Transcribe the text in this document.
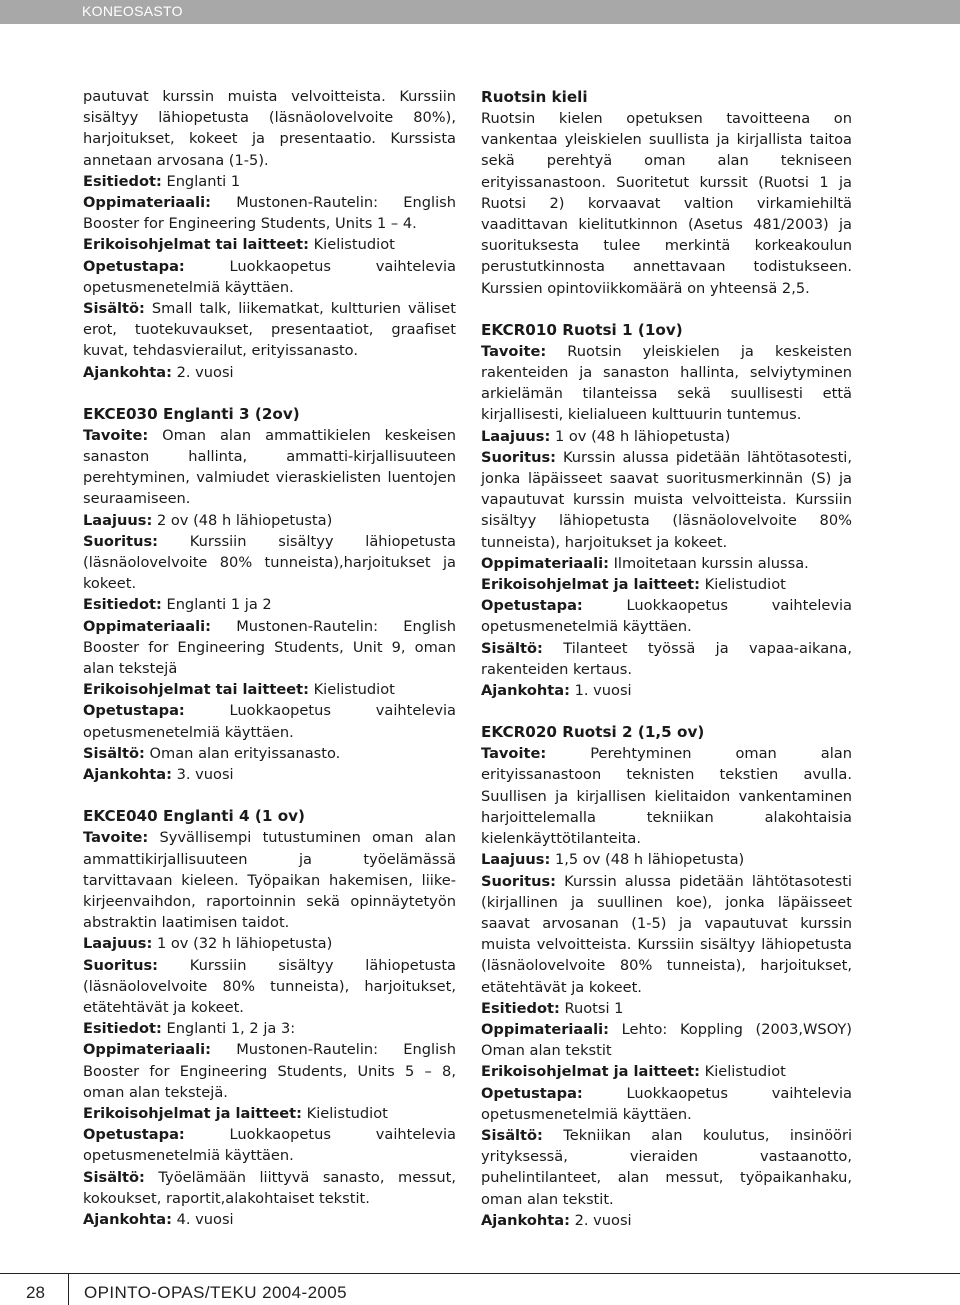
KONEOSASTO

pautuvat kurssin muista velvoitteista. Kurssiin sisältyy lähiopetusta (läsnäolovelvoite 80%), harjoitukset, kokeet ja presentaatio. Kurssista annetaan arvosana (1-5).

Esitiedot: Englanti 1

Oppimateriaali: Mustonen-Rautelin: English Booster for Engineering Students, Units 1 – 4.

Erikoisohjelmat tai laitteet: Kielistudiot

Opetustapa: Luokkaopetus vaihtelevia opetusmenetelmiä käyttäen.

Sisältö: Small talk, liikematkat, kultturien väliset erot, tuotekuvaukset, presentaatiot, graafiset kuvat, tehdasvierailut, erityissanasto.

Ajankohta: 2. vuosi

EKCE030 Englanti 3 (2ov)

Tavoite: Oman alan ammattikielen keskeisen sanaston hallinta, ammatti-kirjallisuuteen perehtyminen, valmiudet vieraskielisten luentojen seuraamiseen.

Laajuus: 2 ov (48 h lähiopetusta)

Suoritus: Kurssiin sisältyy lähiopetusta (läsnäolovelvoite 80% tunneista),harjoitukset ja kokeet.

Esitiedot: Englanti 1 ja 2

Oppimateriaali: Mustonen-Rautelin: English Booster for Engineering Students, Unit 9, oman alan tekstejä

Erikoisohjelmat tai laitteet: Kielistudiot

Opetustapa: Luokkaopetus vaihtelevia opetusmenetelmiä käyttäen.

Sisältö: Oman alan erityissanasto.

Ajankohta: 3. vuosi

EKCE040 Englanti 4 (1 ov)

Tavoite: Syvällisempi tutustuminen oman alan ammattikirjallisuuteen ja työelämässä tarvittavaan kieleen. Työpaikan hakemisen, liike-kirjeenvaihdon, raportoinnin sekä opinnäytetyön abstraktin laatimisen taidot.

Laajuus: 1 ov (32 h lähiopetusta)

Suoritus: Kurssiin sisältyy lähiopetusta (läsnäolovelvoite 80% tunneista), harjoitukset, etätehtävät ja kokeet.

Esitiedot: Englanti 1, 2 ja 3:

Oppimateriaali: Mustonen-Rautelin: English Booster for Engineering Students, Units 5 – 8, oman alan tekstejä.

Erikoisohjelmat ja laitteet: Kielistudiot

Opetustapa: Luokkaopetus vaihtelevia opetusmenetelmiä käyttäen.

Sisältö: Työelämään liittyvä sanasto, messut, kokoukset, raportit,alakohtaiset tekstit.

Ajankohta: 4. vuosi

Ruotsin kieli

Ruotsin kielen opetuksen tavoitteena on vankentaa yleiskielen suullista ja kirjallista taitoa sekä perehtyä oman alan tekniseen erityissanastoon. Suoritetut kurssit (Ruotsi 1 ja Ruotsi 2) korvaavat valtion virkamiehiltä vaadittavan kielitutkinnon (Asetus 481/2003) ja suorituksesta tulee merkintä korkeakoulun perustutkinnosta annettavaan todistukseen. Kurssien opintoviikkomäärä on yhteensä 2,5.

EKCR010 Ruotsi 1 (1ov)

Tavoite: Ruotsin yleiskielen ja keskeisten rakenteiden ja sanaston hallinta, selviytyminen arkielämän tilanteissa sekä suullisesti että kirjallisesti, kielialueen kulttuurin tuntemus.

Laajuus: 1 ov (48 h lähiopetusta)

Suoritus: Kurssin alussa pidetään lähtötasotesti, jonka läpäisseet saavat suoritusmerkinnän (S) ja vapautuvat kurssin muista velvoitteista. Kurssiin sisältyy lähiopetusta (läsnäolovelvoite 80% tunneista), harjoitukset ja kokeet.

Oppimateriaali: Ilmoitetaan kurssin alussa.

Erikoisohjelmat ja laitteet: Kielistudiot

Opetustapa: Luokkaopetus vaihtelevia opetusmenetelmiä käyttäen.

Sisältö: Tilanteet työssä ja vapaa-aikana, rakenteiden kertaus.

Ajankohta: 1. vuosi

EKCR020 Ruotsi 2 (1,5 ov)

Tavoite: Perehtyminen oman alan erityissanastoon teknisten tekstien avulla. Suullisen ja kirjallisen kielitaidon vankentaminen harjoittelemalla tekniikan alakohtaisia kielenkäyttötilanteita.

Laajuus: 1,5 ov (48 h lähiopetusta)

Suoritus: Kurssin alussa pidetään lähtötasotesti (kirjallinen ja suullinen koe), jonka läpäisseet saavat arvosanan (1-5) ja vapautuvat kurssin muista velvoitteista. Kurssiin sisältyy lähiopetusta (läsnäolovelvoite 80% tunneista), harjoitukset, etätehtävät ja kokeet.

Esitiedot: Ruotsi 1

Oppimateriaali: Lehto: Koppling (2003,WSOY) Oman alan tekstit

Erikoisohjelmat ja laitteet: Kielistudiot

Opetustapa: Luokkaopetus vaihtelevia opetusmenetelmiä käyttäen.

Sisältö: Tekniikan alan koulutus, insinööri yrityksessä, vieraiden vastaanotto, puhelintilanteet, alan messut, työpaikanhaku, oman alan tekstit.

Ajankohta: 2. vuosi

28 OPINTO-OPAS/TEKU 2004-2005
